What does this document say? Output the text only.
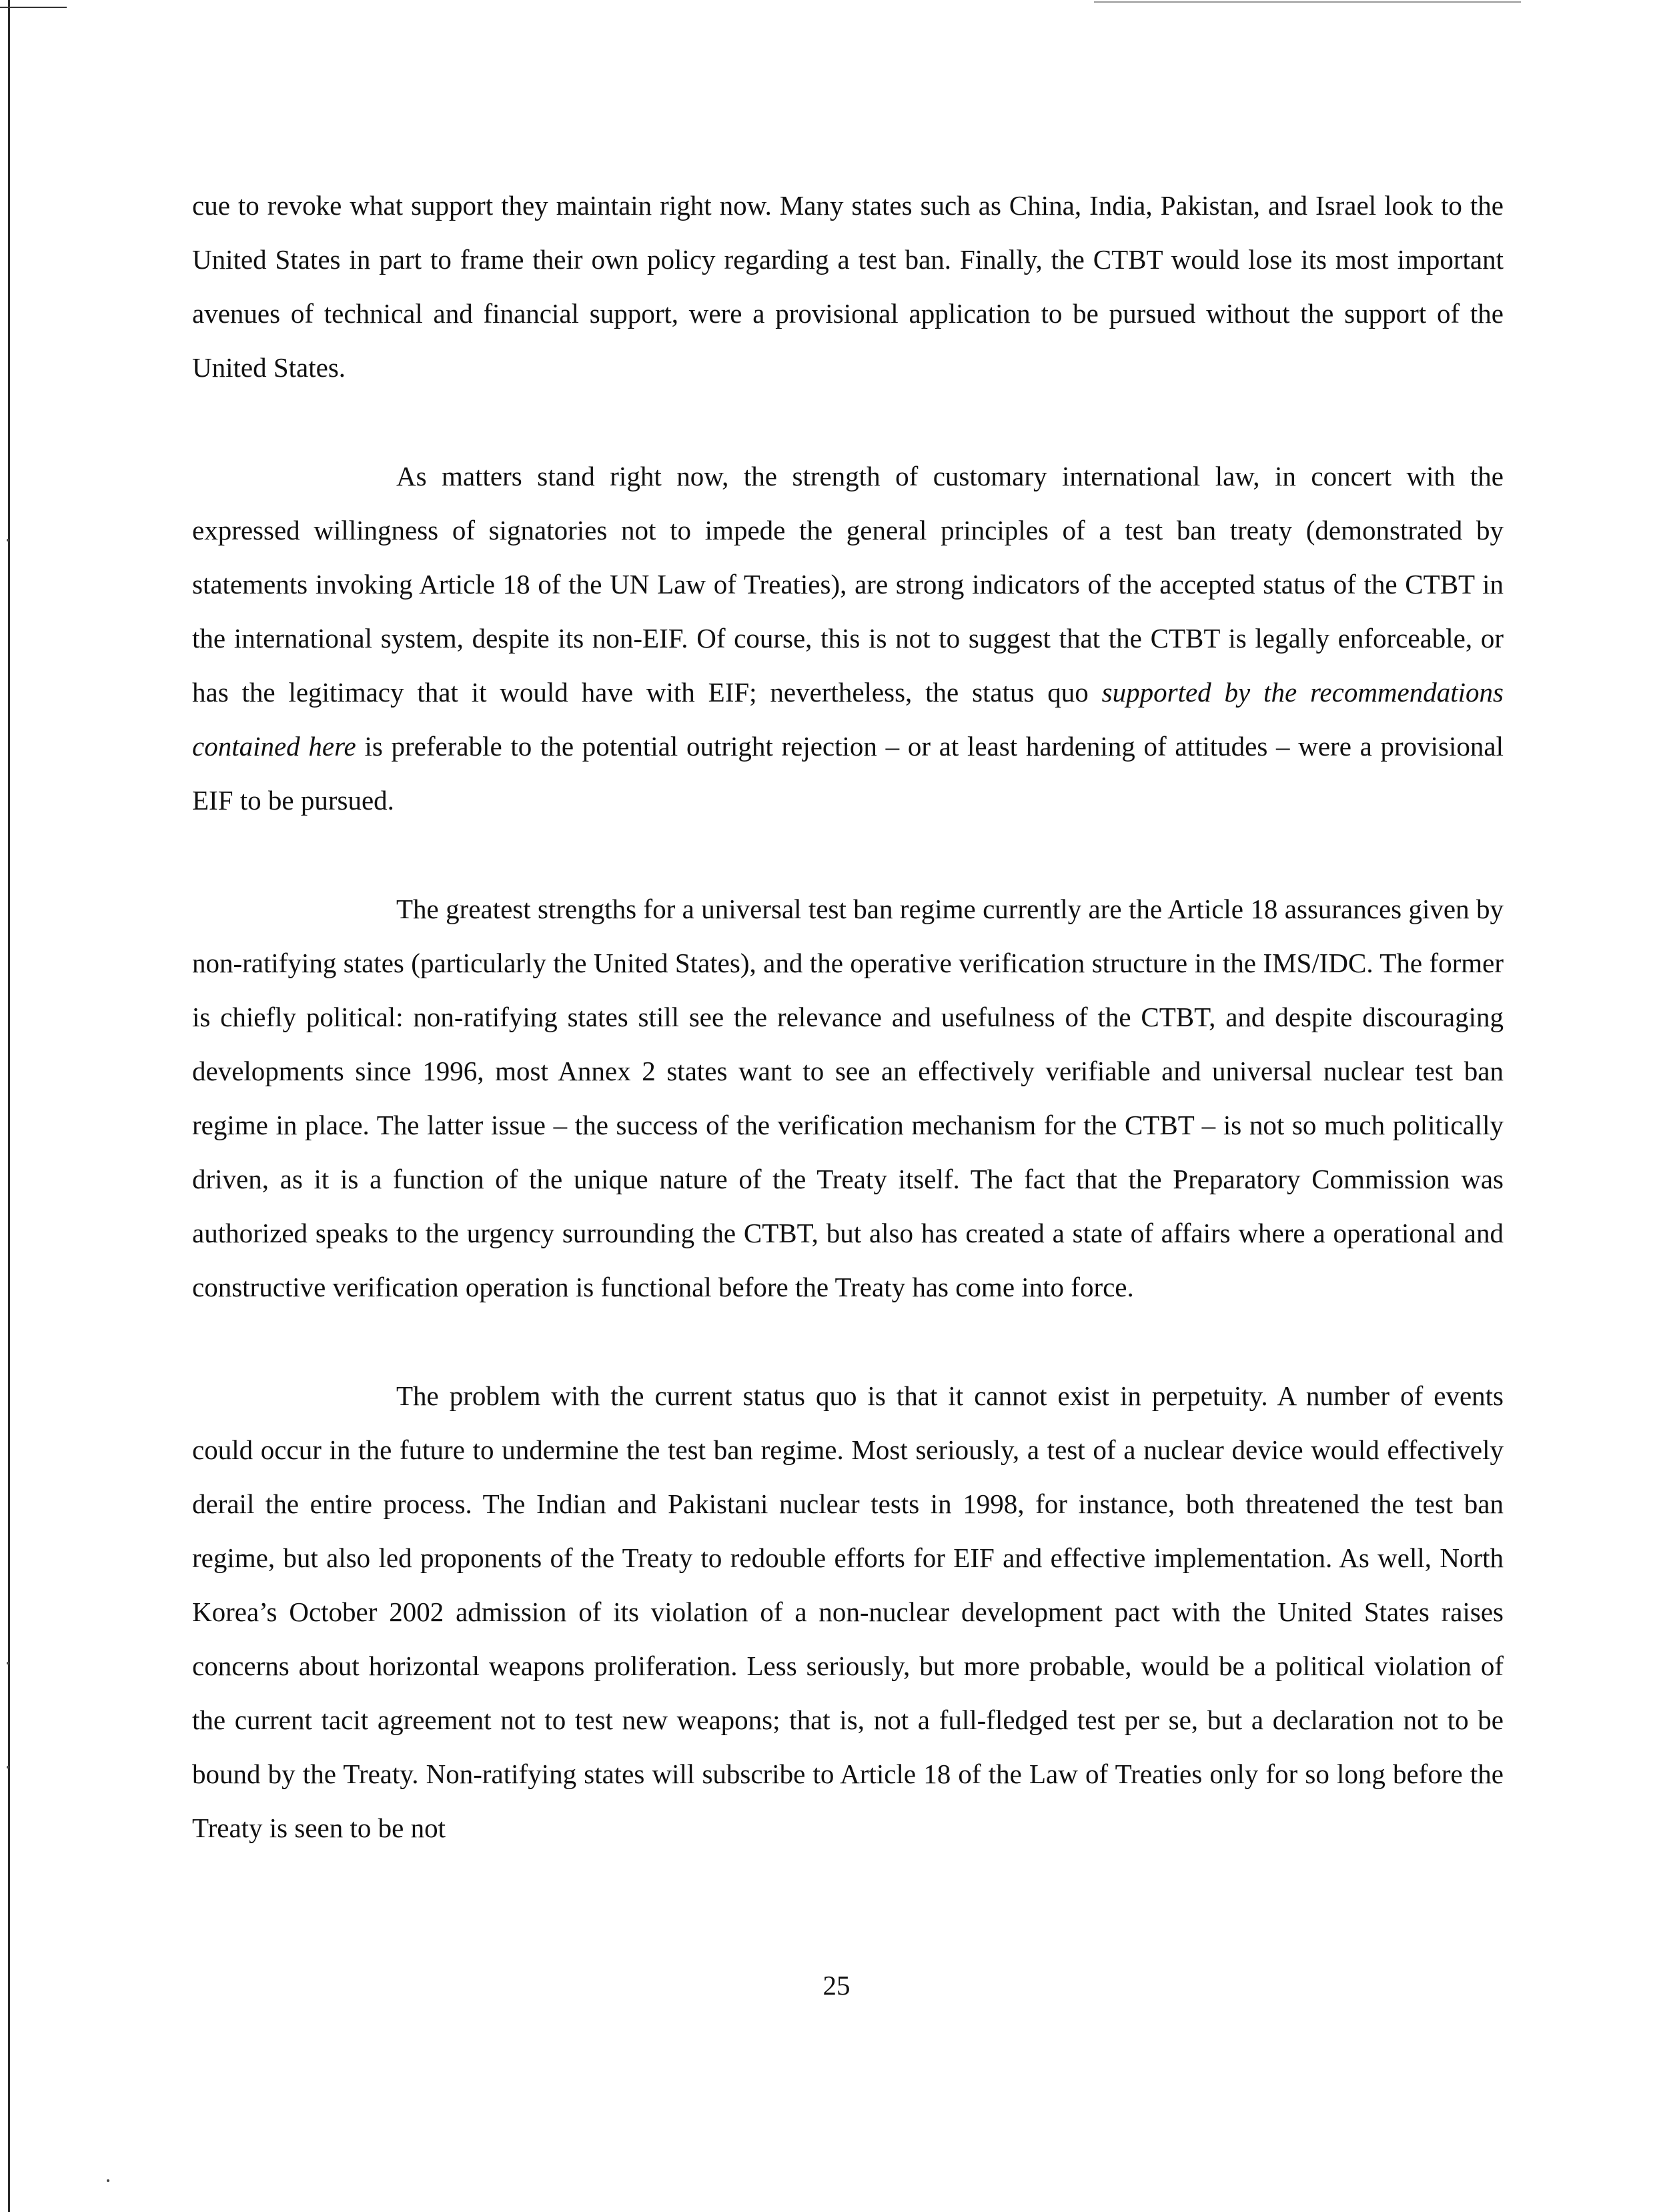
cue to revoke what support they maintain right now. Many states such as China, India, Pakistan, and Israel look to the United States in part to frame their own policy regarding a test ban. Finally, the CTBT would lose its most important avenues of technical and financial support, were a provisional application to be pursued without the support of the United States.

As matters stand right now, the strength of customary international law, in concert with the expressed willingness of signatories not to impede the general principles of a test ban treaty (demonstrated by statements invoking Article 18 of the UN Law of Treaties), are strong indicators of the accepted status of the CTBT in the international system, despite its non-EIF. Of course, this is not to suggest that the CTBT is legally enforceable, or has the legitimacy that it would have with EIF; nevertheless, the status quo supported by the recommendations contained here is preferable to the potential outright rejection – or at least hardening of attitudes – were a provisional EIF to be pursued.

The greatest strengths for a universal test ban regime currently are the Article 18 assurances given by non-ratifying states (particularly the United States), and the operative verification structure in the IMS/IDC. The former is chiefly political: non-ratifying states still see the relevance and usefulness of the CTBT, and despite discouraging developments since 1996, most Annex 2 states want to see an effectively verifiable and universal nuclear test ban regime in place. The latter issue – the success of the verification mechanism for the CTBT – is not so much politically driven, as it is a function of the unique nature of the Treaty itself. The fact that the Preparatory Commission was authorized speaks to the urgency surrounding the CTBT, but also has created a state of affairs where a operational and constructive verification operation is functional before the Treaty has come into force.

The problem with the current status quo is that it cannot exist in perpetuity. A number of events could occur in the future to undermine the test ban regime. Most seriously, a test of a nuclear device would effectively derail the entire process. The Indian and Pakistani nuclear tests in 1998, for instance, both threatened the test ban regime, but also led proponents of the Treaty to redouble efforts for EIF and effective implementation. As well, North Korea’s October 2002 admission of its violation of a non-nuclear development pact with the United States raises concerns about horizontal weapons proliferation. Less seriously, but more probable, would be a political violation of the current tacit agreement not to test new weapons; that is, not a full-fledged test per se, but a declaration not to be bound by the Treaty. Non-ratifying states will subscribe to Article 18 of the Law of Treaties only for so long before the Treaty is seen to be not

25
